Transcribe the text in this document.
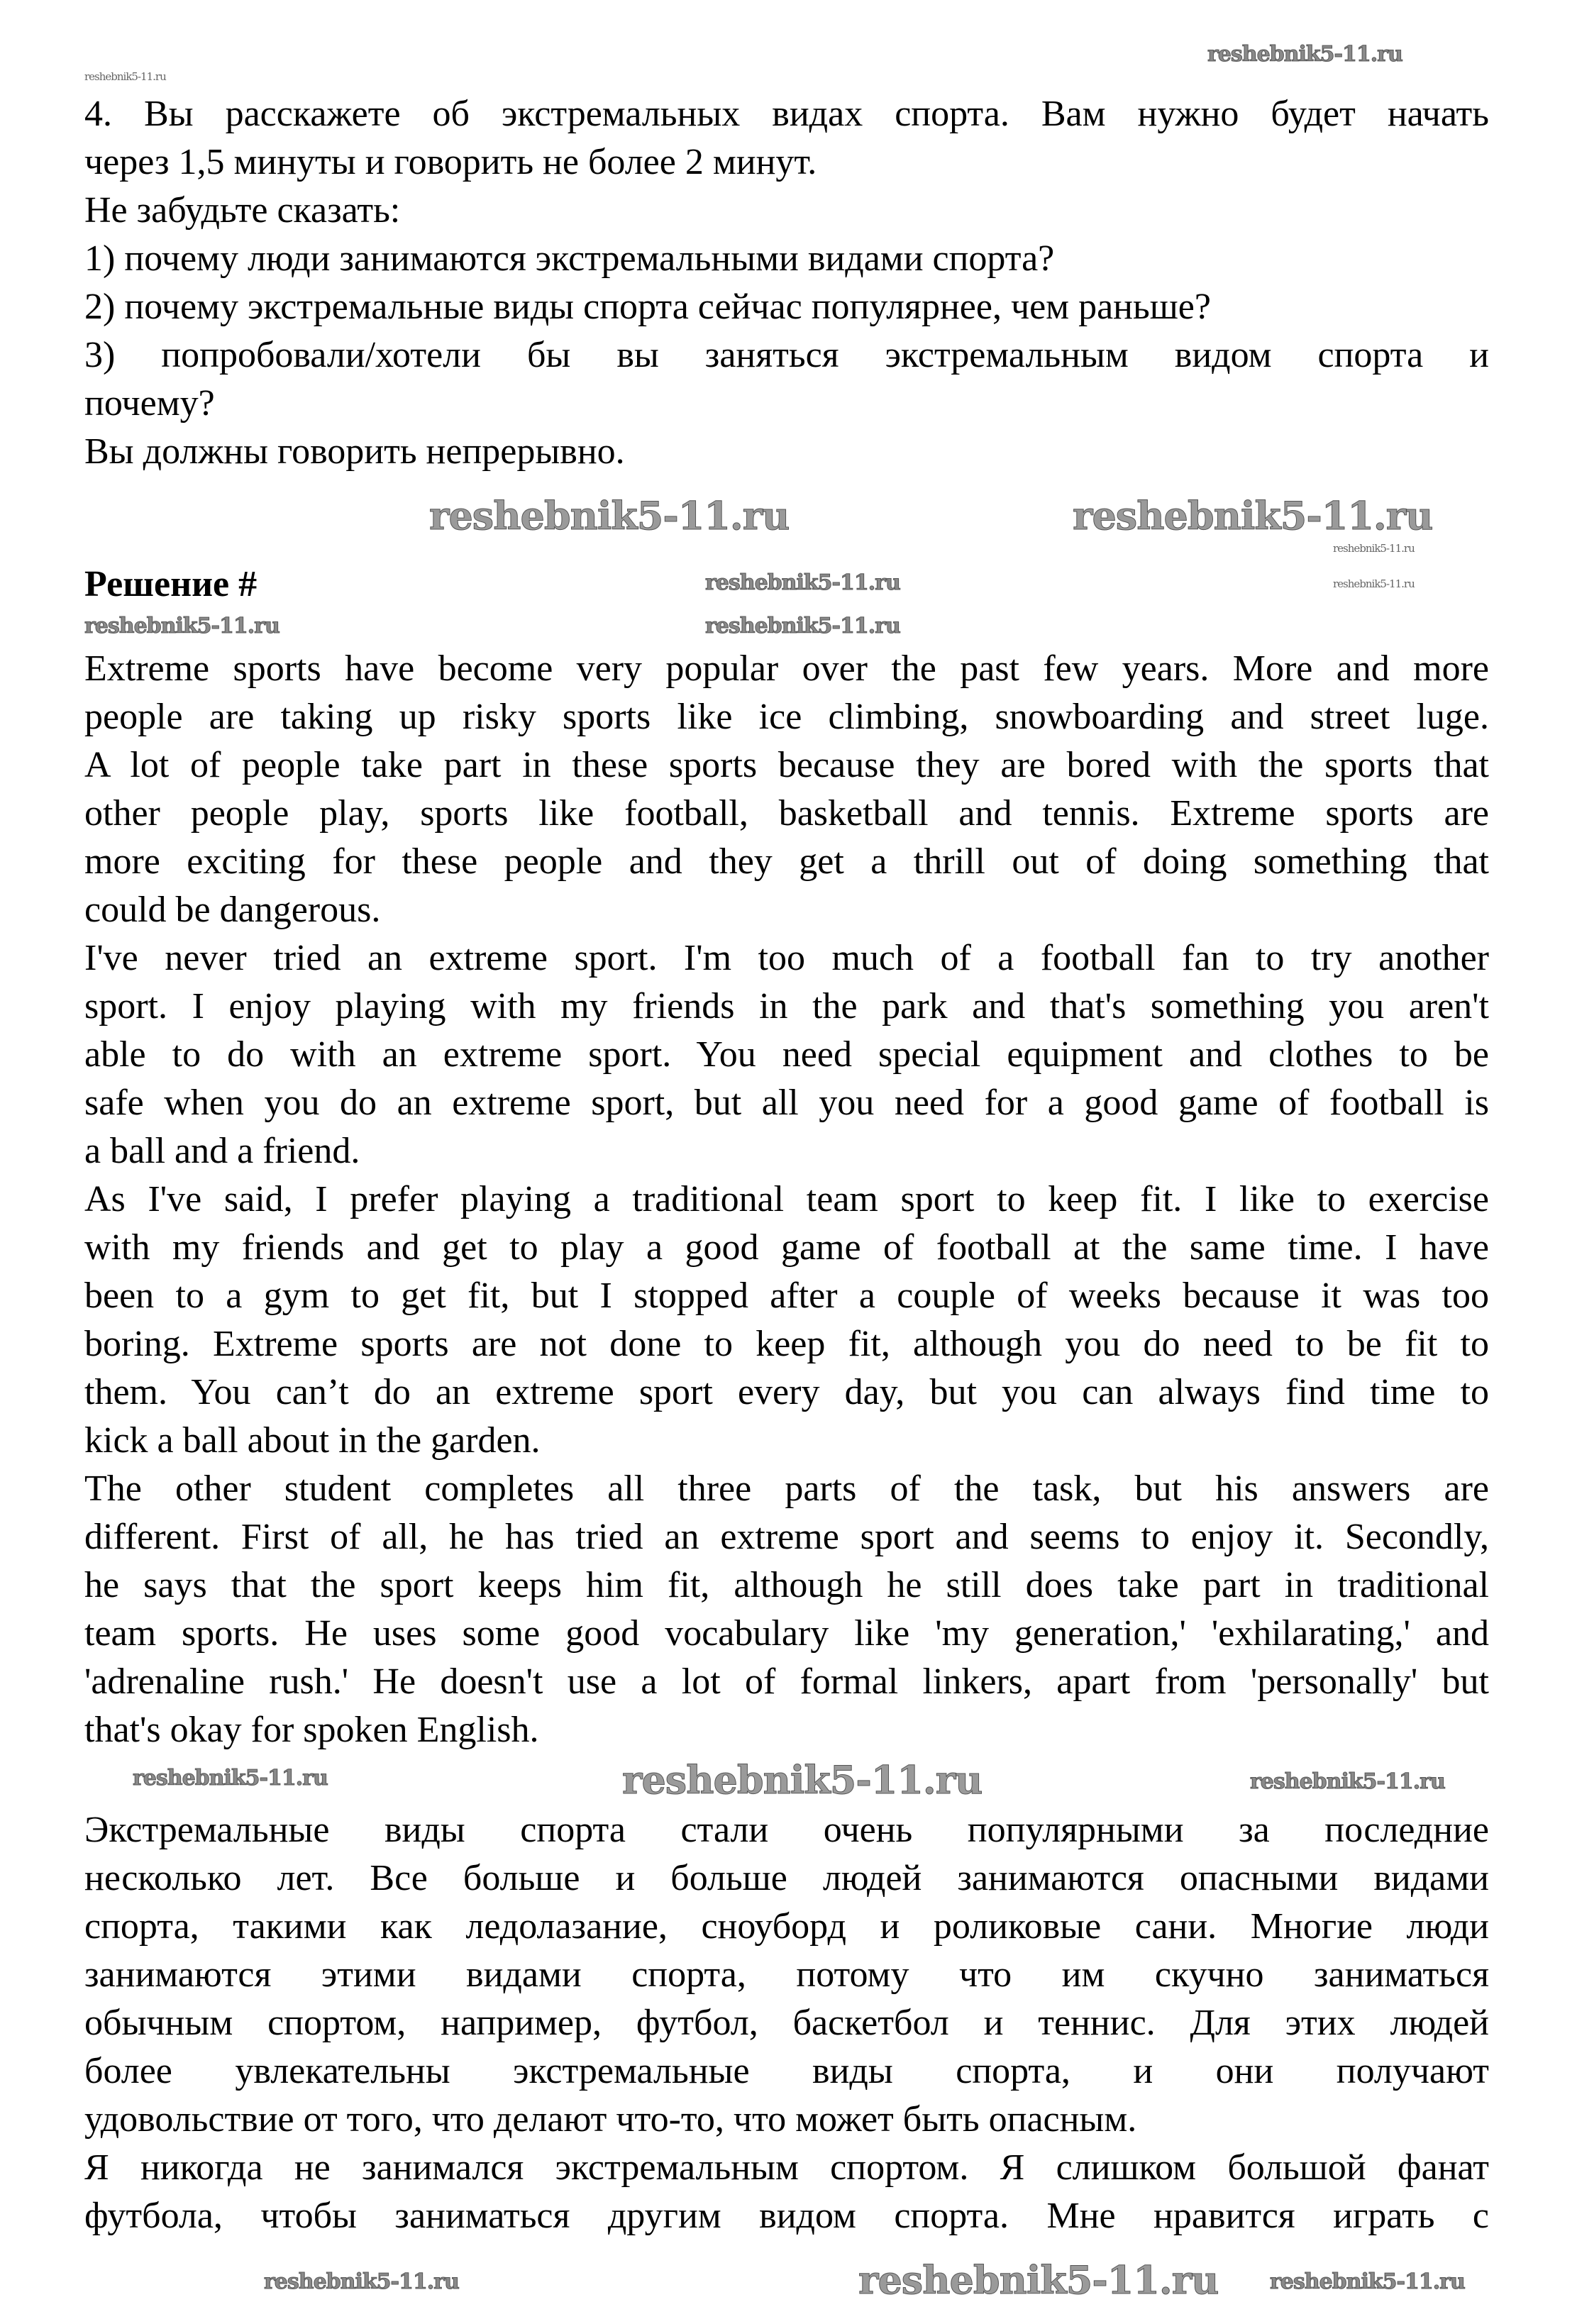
4. Вы расскажете об экстремальных видах спорта. Вам нужно будет начать
через 1,5 минуты и говорить не более 2 минут.
Не забудьте сказать:
1) почему люди занимаются экстремальными видами спорта?
2) почему экстремальные виды спорта сейчас популярнее, чем раньше?
3) попробовали/хотели бы вы заняться экстремальным видом спорта и
почему?
Вы должны говорить непрерывно.
Решение #
Extreme sports have become very popular over the past few years. More and more
people are taking up risky sports like ice climbing, snowboarding and street luge.
A lot of people take part in these sports because they are bored with the sports that
other people play, sports like football, basketball and tennis. Extreme sports are
more exciting for these people and they get a thrill out of doing something that
could be dangerous.
I've never tried an extreme sport. I'm too much of a football fan to try another
sport. I enjoy playing with my friends in the park and that's something you aren't
able to do with an extreme sport. You need special equipment and clothes to be
safe when you do an extreme sport, but all you need for a good game of football is
a ball and a friend.
As I've said, I prefer playing a traditional team sport to keep fit. I like to exercise
with my friends and get to play a good game of football at the same time. I have
been to a gym to get fit, but I stopped after a couple of weeks because it was too
boring. Extreme sports are not done to keep fit, although you do need to be fit to
them. You can’t do an extreme sport every day, but you can always find time to
kick a ball about in the garden.
The other student completes all three parts of the task, but his answers are
different. First of all, he has tried an extreme sport and seems to enjoy it. Secondly,
he says that the sport keeps him fit, although he still does take part in traditional
team sports. He uses some good vocabulary like 'my generation,' 'exhilarating,' and
'adrenaline rush.' He doesn't use a lot of formal linkers, apart from 'personally' but
that's okay for spoken English.
Экстремальные виды спорта стали очень популярными за последние
несколько лет. Все больше и больше людей занимаются опасными видами
спорта, такими как ледолазание, сноуборд и роликовые сани. Многие люди
занимаются этими видами спорта, потому что им скучно заниматься
обычным спортом, например, футбол, баскетбол и теннис. Для этих людей
более увлекательны экстремальные виды спорта, и они получают
удовольствие от того, что делают что-то, что может быть опасным.
Я никогда не занимался экстремальным спортом. Я слишком большой фанат
футбола, чтобы заниматься другим видом спорта. Мне нравится играть с
reshebnik5-11.ru
reshebnik5-11.ru
reshebnik5-11.ru	reshebnik5-11.ru
reshebnik5-11.ru
reshebnik5-11.ru	reshebnik5-11.ru
reshebnik5-11.ru	reshebnik5-11.ru
reshebnik5-11.ru	reshebnik5-11.ru	reshebnik5-11.ru
reshebnik5-11.ru	reshebnik5-11.ru reshebnik5-11.ru
